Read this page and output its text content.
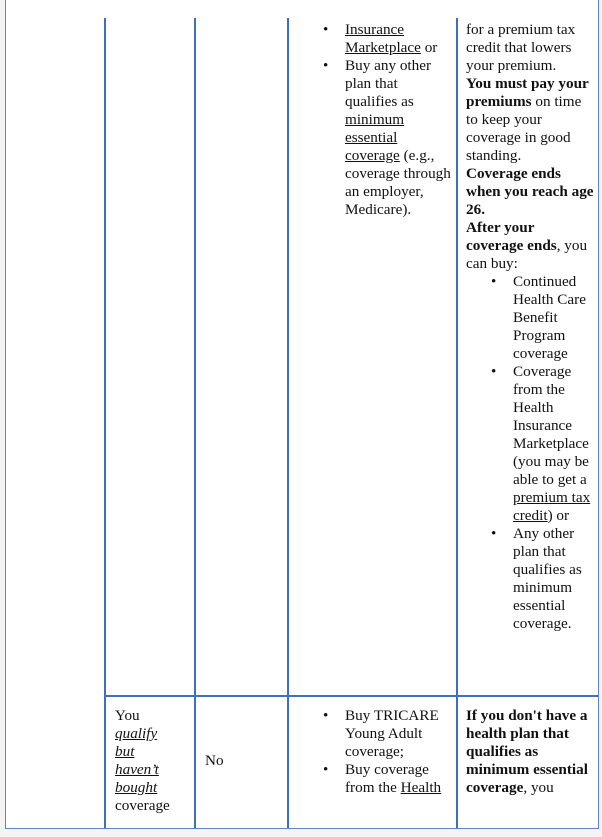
• Insurance Marketplace or
• Buy any other plan that qualifies as minimum essential coverage (e.g., coverage through an employer, Medicare).

for a premium tax credit that lowers your premium.

You must pay your premiums on time to keep your coverage in good standing.

Coverage ends when you reach age 26.

After your coverage ends, you can buy:

• Continued Health Care Benefit Program coverage
• Coverage from the Health Insurance Marketplace (you may be able to get a premium tax credit) or
• Any other plan that qualifies as minimum essential coverage.

You

qualify

but

haven’t

bought

coverage

No

• Buy TRICARE Young Adult coverage;
• Buy coverage from the Health

If you don't have a health plan that qualifies as minimum essential coverage, you
